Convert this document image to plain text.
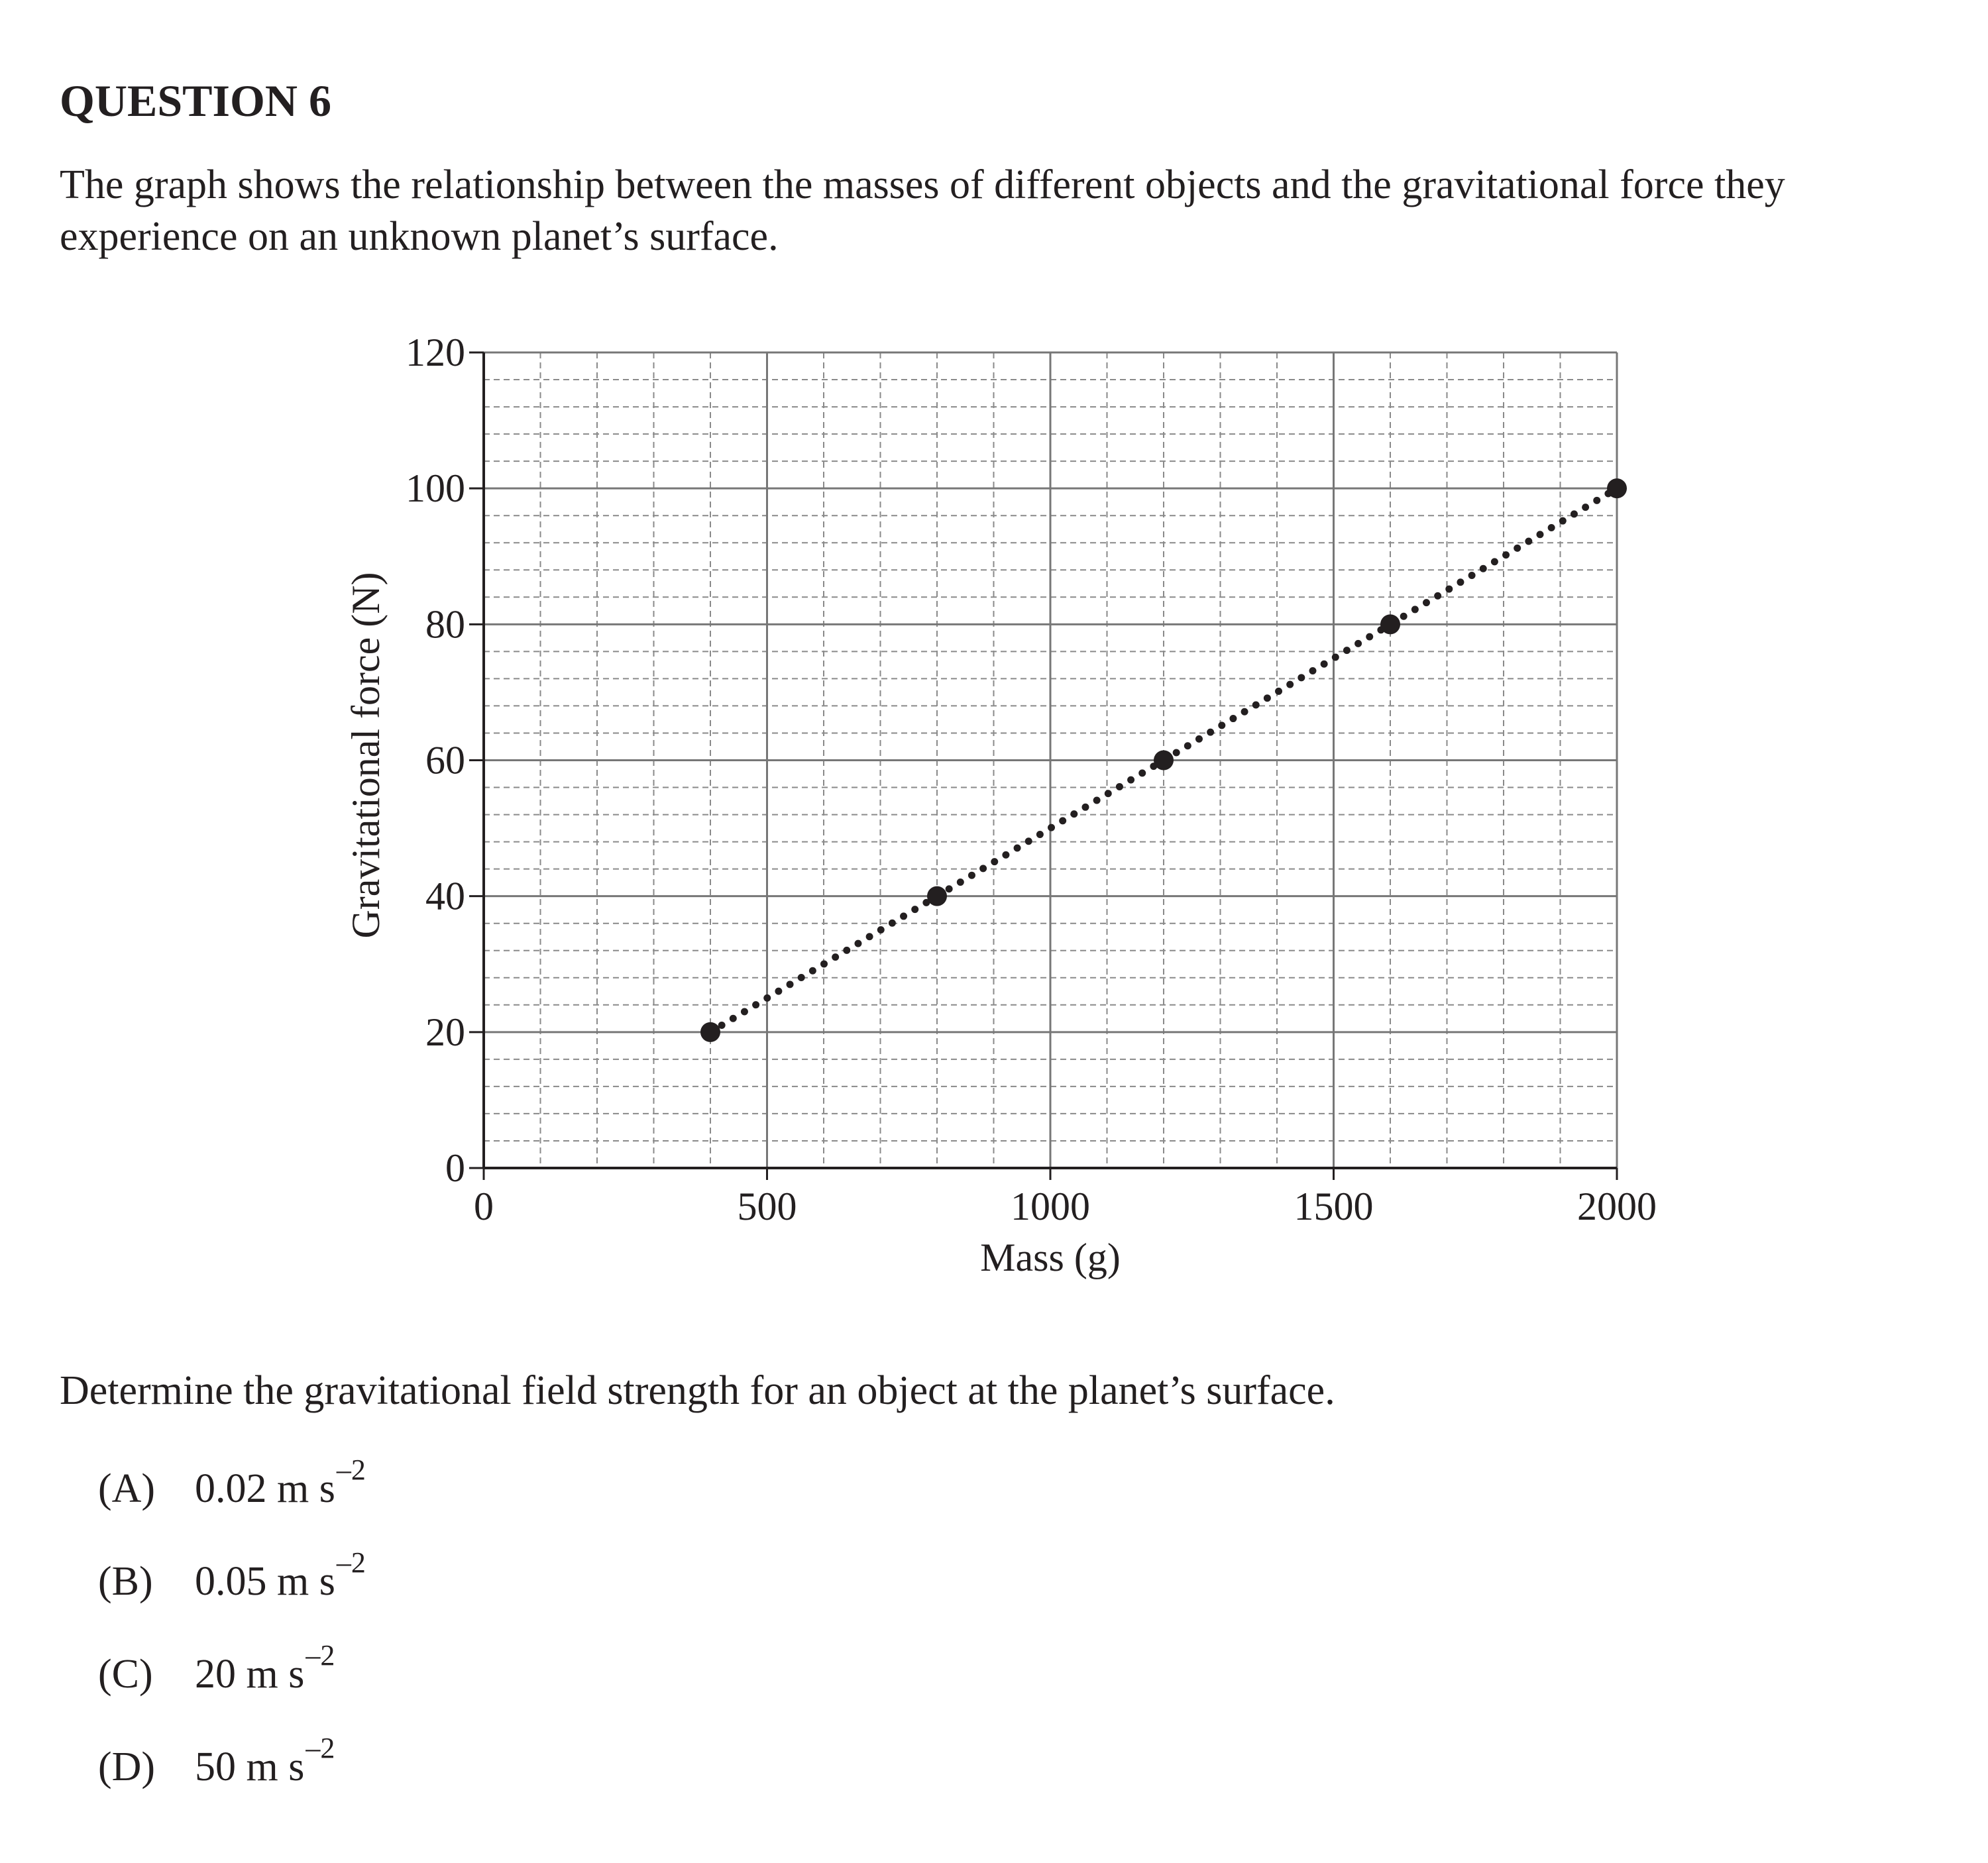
QUESTION 6

The graph shows the relationship between the masses of different objects and the gravitational force they experience on an unknown planet’s surface.

0
20
40
60
80
100
120
0	500	1000	1500	2000
Mass (g)
Gravitational force (N)

Determine the gravitational field strength for an object at the planet’s surface.

(A) 0.02 m $s^{-2}$
(B) 0.05 m $s^{-2}$
(C) 20 m $s^{-2}$
(D) 50 m $s^{-2}$
